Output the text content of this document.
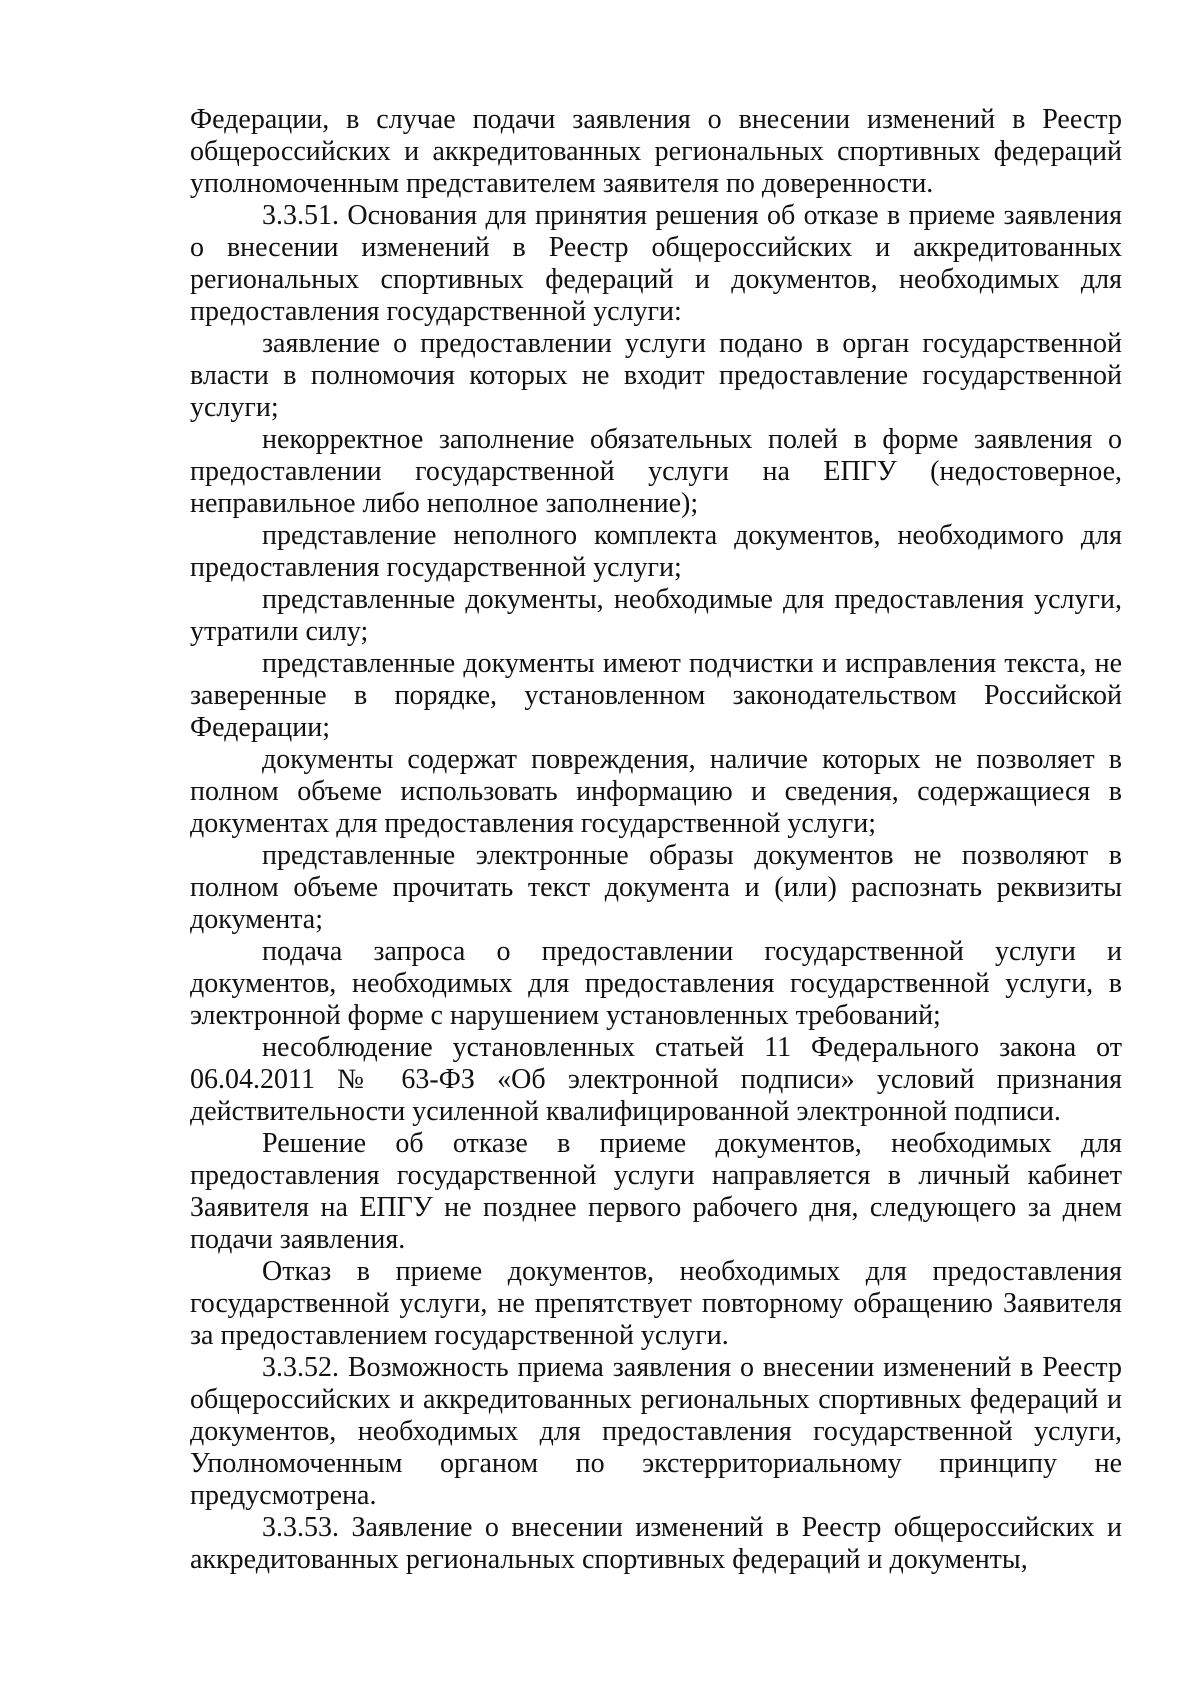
Федерации, в случае подачи заявления о внесении изменений в Реестр общероссийских и аккредитованных региональных спортивных федераций уполномоченным представителем заявителя по доверенности.

3.3.51. Основания для принятия решения об отказе в приеме заявления о внесении изменений в Реестр общероссийских и аккредитованных региональных спортивных федераций и документов, необходимых для предоставления государственной услуги:

заявление о предоставлении услуги подано в орган государственной власти в полномочия которых не входит предоставление государственной услуги;

некорректное заполнение обязательных полей в форме заявления о предоставлении государственной услуги на ЕПГУ (недостоверное, неправильное либо неполное заполнение);

представление неполного комплекта документов, необходимого для предоставления государственной услуги;

представленные документы, необходимые для предоставления услуги, утратили силу;

представленные документы имеют подчистки и исправления текста, не заверенные в порядке, установленном законодательством Российской Федерации;

документы содержат повреждения, наличие которых не позволяет в полном объеме использовать информацию и сведения, содержащиеся в документах для предоставления государственной услуги;

представленные электронные образы документов не позволяют в полном объеме прочитать текст документа и (или) распознать реквизиты документа;

подача запроса о предоставлении государственной услуги и документов, необходимых для предоставления государственной услуги, в электронной форме с нарушением установленных требований;

несоблюдение установленных статьей 11 Федерального закона от 06.04.2011 № 63-ФЗ «Об электронной подписи» условий признания действительности усиленной квалифицированной электронной подписи.

Решение об отказе в приеме документов, необходимых для предоставления государственной услуги направляется в личный кабинет Заявителя на ЕПГУ не позднее первого рабочего дня, следующего за днем подачи заявления.

Отказ в приеме документов, необходимых для предоставления государственной услуги, не препятствует повторному обращению Заявителя за предоставлением государственной услуги.

3.3.52. Возможность приема заявления о внесении изменений в Реестр общероссийских и аккредитованных региональных спортивных федераций и документов, необходимых для предоставления государственной услуги, Уполномоченным органом по экстерриториальному принципу не предусмотрена.

3.3.53. Заявление о внесении изменений в Реестр общероссийских и аккредитованных региональных спортивных федераций и документы,
